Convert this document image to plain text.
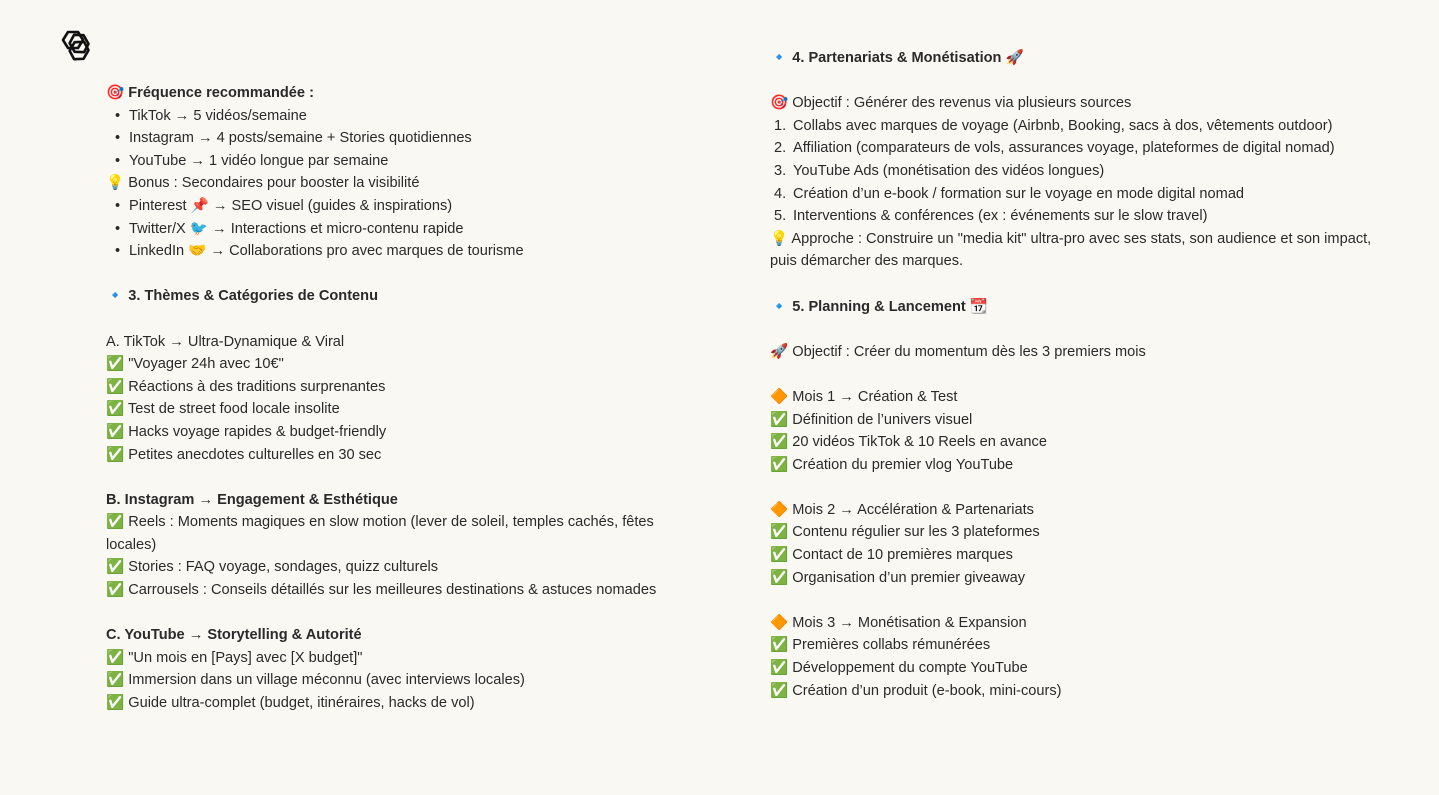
🎯 Fréquence recommandée :
• TikTok → 5 vidéos/semaine
• Instagram → 4 posts/semaine + Stories quotidiennes
• YouTube → 1 vidéo longue par semaine
💡 Bonus : Secondaires pour booster la visibilité
• Pinterest 📌 → SEO visuel (guides & inspirations)
• Twitter/X 🐦 → Interactions et micro-contenu rapide
• LinkedIn 🤝 → Collaborations pro avec marques de tourisme
🔹 3. Thèmes & Catégories de Contenu
A. TikTok → Ultra-Dynamique & Viral
✅ "Voyager 24h avec 10€"
✅ Réactions à des traditions surprenantes
✅ Test de street food locale insolite
✅ Hacks voyage rapides & budget-friendly
✅ Petites anecdotes culturelles en 30 sec
B. Instagram → Engagement & Esthétique
✅ Reels : Moments magiques en slow motion (lever de soleil, temples cachés, fêtes locales)
✅ Stories : FAQ voyage, sondages, quizz culturels
✅ Carrousels : Conseils détaillés sur les meilleures destinations & astuces nomades
C. YouTube → Storytelling & Autorité
✅ "Un mois en [Pays] avec [X budget]"
✅ Immersion dans un village méconnu (avec interviews locales)
✅ Guide ultra-complet (budget, itinéraires, hacks de vol)
🔹 4. Partenariats & Monétisation 🚀
🎯 Objectif : Générer des revenus via plusieurs sources
1. Collabs avec marques de voyage (Airbnb, Booking, sacs à dos, vêtements outdoor)
2. Affiliation (comparateurs de vols, assurances voyage, plateformes de digital nomad)
3. YouTube Ads (monétisation des vidéos longues)
4. Création d’un e-book / formation sur le voyage en mode digital nomad
5. Interventions & conférences (ex : événements sur le slow travel)
💡 Approche : Construire un "media kit" ultra-pro avec ses stats, son audience et son impact, puis démarcher des marques.
🔹 5. Planning & Lancement 📆
🚀 Objectif : Créer du momentum dès les 3 premiers mois
🔶 Mois 1 → Création & Test
✅ Définition de l’univers visuel
✅ 20 vidéos TikTok & 10 Reels en avance
✅ Création du premier vlog YouTube
🔶 Mois 2 → Accélération & Partenariats
✅ Contenu régulier sur les 3 plateformes
✅ Contact de 10 premières marques
✅ Organisation d’un premier giveaway
🔶 Mois 3 → Monétisation & Expansion
✅ Premières collabs rémunérées
✅ Développement du compte YouTube
✅ Création d’un produit (e-book, mini-cours)
